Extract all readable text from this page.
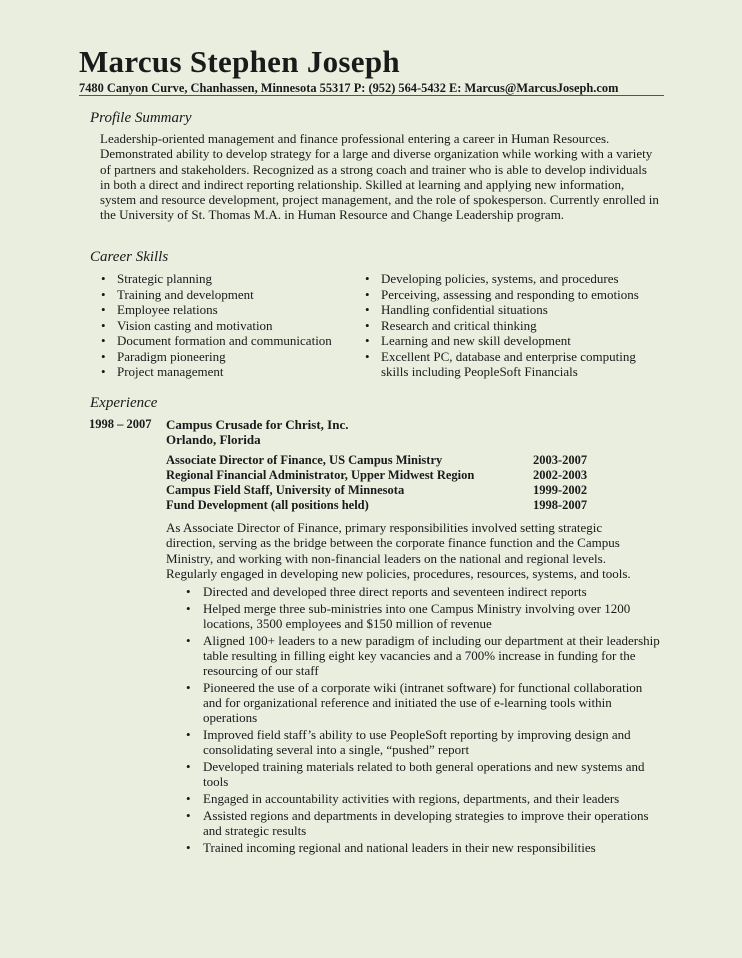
Marcus Stephen Joseph
7480 Canyon Curve, Chanhassen, Minnesota 55317 P: (952) 564-5432 E: Marcus@MarcusJoseph.com
Profile Summary
Leadership-oriented management and finance professional entering a career in Human Resources. Demonstrated ability to develop strategy for a large and diverse organization while working with a variety of partners and stakeholders. Recognized as a strong coach and trainer who is able to develop individuals in both a direct and indirect reporting relationship. Skilled at learning and applying new information, system and resource development, project management, and the role of spokesperson. Currently enrolled in the University of St. Thomas M.A. in Human Resource and Change Leadership program.
Career Skills
• Strategic planning
• Training and development
• Employee relations
• Vision casting and motivation
• Document formation and communication
• Paradigm pioneering
• Project management
• Developing policies, systems, and procedures
• Perceiving, assessing and responding to emotions
• Handling confidential situations
• Research and critical thinking
• Learning and new skill development
• Excellent PC, database and enterprise computing skills including PeopleSoft Financials
Experience
1998 – 2007 Campus Crusade for Christ, Inc.
Orlando, Florida
Associate Director of Finance, US Campus Ministry	2003-2007
Regional Financial Administrator, Upper Midwest Region	2002-2003
Campus Field Staff, University of Minnesota	1999-2002
Fund Development (all positions held)	1998-2007
As Associate Director of Finance, primary responsibilities involved setting strategic direction, serving as the bridge between the corporate finance function and the Campus Ministry, and working with non-financial leaders on the national and regional levels. Regularly engaged in developing new policies, procedures, resources, systems, and tools.
• Directed and developed three direct reports and seventeen indirect reports
• Helped merge three sub-ministries into one Campus Ministry involving over 1200 locations, 3500 employees and $150 million of revenue
• Aligned 100+ leaders to a new paradigm of including our department at their leadership table resulting in filling eight key vacancies and a 700% increase in funding for the resourcing of our staff
• Pioneered the use of a corporate wiki (intranet software) for functional collaboration and for organizational reference and initiated the use of e-learning tools within operations
• Improved field staff’s ability to use PeopleSoft reporting by improving design and consolidating several into a single, “pushed” report
• Developed training materials related to both general operations and new systems and tools
• Engaged in accountability activities with regions, departments, and their leaders
• Assisted regions and departments in developing strategies to improve their operations and strategic results
• Trained incoming regional and national leaders in their new responsibilities
